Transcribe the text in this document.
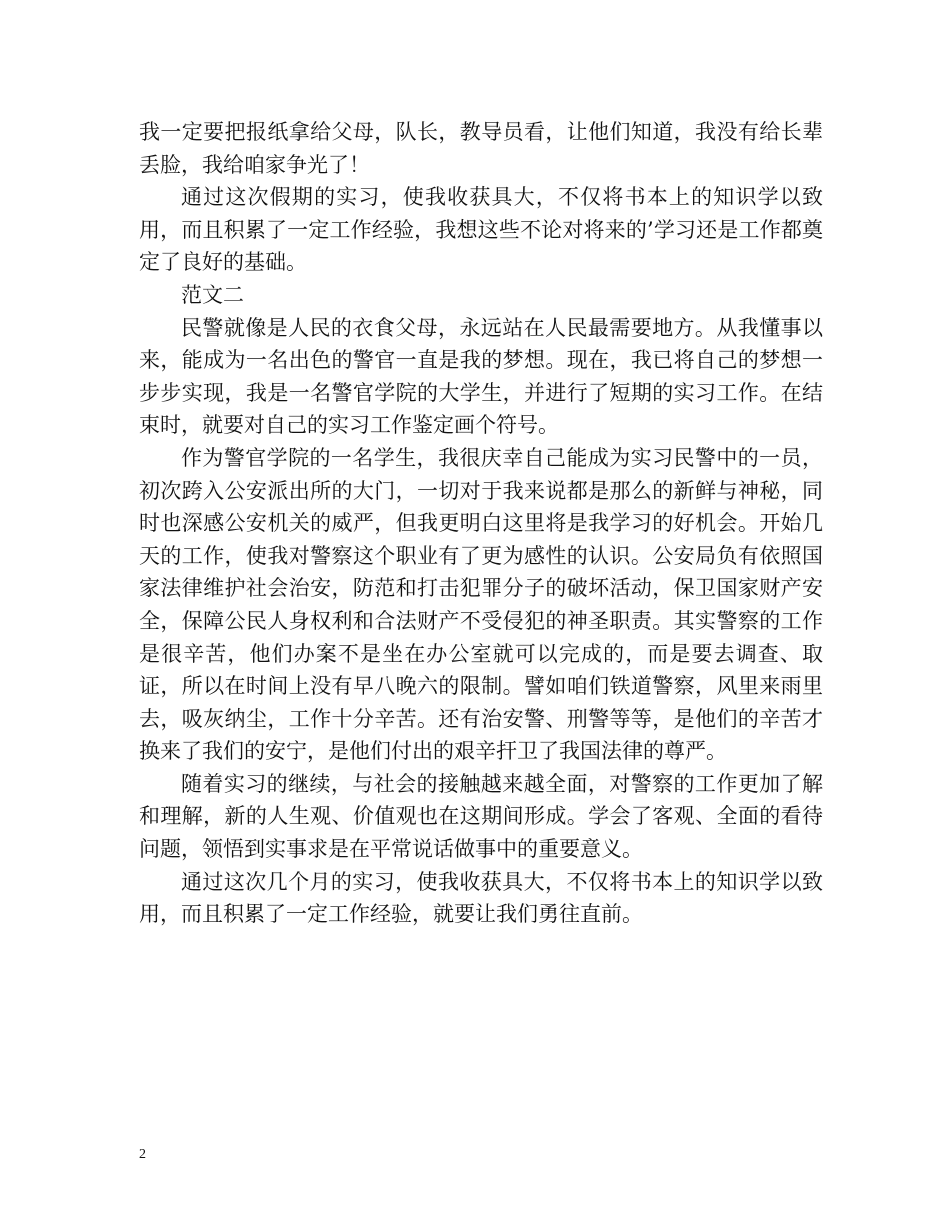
我一定要把报纸拿给父母，队长，教导员看，让他们知道，我没有给长辈丢脸，我给咱家争光了！

通过这次假期的实习，使我收获具大，不仅将书本上的知识学以致用，而且积累了一定工作经验，我想这些不论对将来的’学习还是工作都奠定了良好的基础。

范文二

民警就像是人民的衣食父母，永远站在人民最需要地方。从我懂事以来，能成为一名出色的警官一直是我的梦想。现在，我已将自己的梦想一步步实现，我是一名警官学院的大学生，并进行了短期的实习工作。在结束时，就要对自己的实习工作鉴定画个符号。

作为警官学院的一名学生，我很庆幸自己能成为实习民警中的一员，初次跨入公安派出所的大门，一切对于我来说都是那么的新鲜与神秘，同时也深感公安机关的威严，但我更明白这里将是我学习的好机会。开始几天的工作，使我对警察这个职业有了更为感性的认识。公安局负有依照国家法律维护社会治安，防范和打击犯罪分子的破坏活动，保卫国家财产安全，保障公民人身权利和合法财产不受侵犯的神圣职责。其实警察的工作是很辛苦，他们办案不是坐在办公室就可以完成的，而是要去调查、取证，所以在时间上没有早八晚六的限制。譬如咱们铁道警察，风里来雨里去，吸灰纳尘，工作十分辛苦。还有治安警、刑警等等，是他们的辛苦才换来了我们的安宁，是他们付出的艰辛扞卫了我国法律的尊严。

随着实习的继续，与社会的接触越来越全面，对警察的工作更加了解和理解，新的人生观、价值观也在这期间形成。学会了客观、全面的看待问题，领悟到实事求是在平常说话做事中的重要意义。

通过这次几个月的实习，使我收获具大，不仅将书本上的知识学以致用，而且积累了一定工作经验，就要让我们勇往直前。

2
